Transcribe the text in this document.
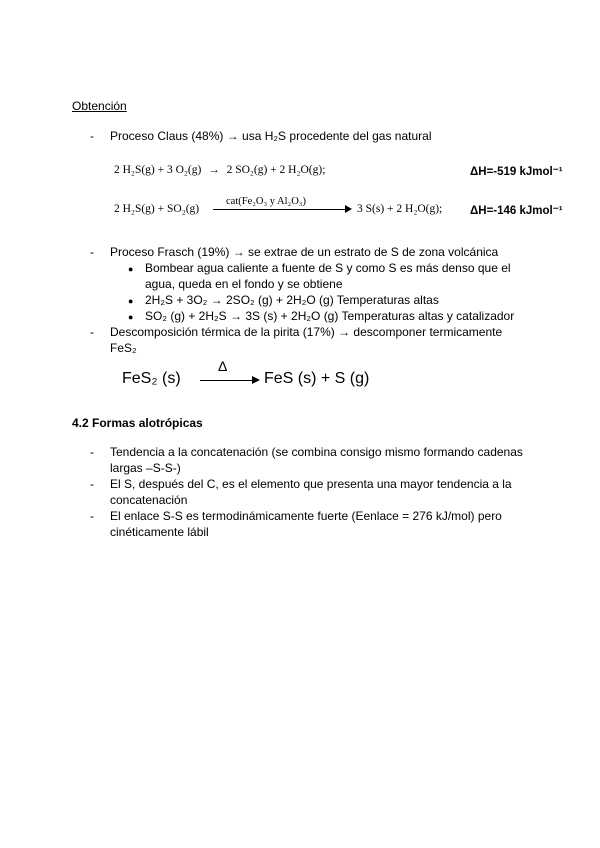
Obtención
- Proceso Claus (48%) → usa H₂S procedente del gas natural
2 H₂S(g) + 3 O₂(g) → 2 SO₂(g) + 2 H₂O(g);	ΔH=-519 kJmol⁻¹
2 H₂S(g) + SO₂(g)
cat(Fe₂O₃ y Al₂O₃)
3 S(s) + 2 H₂O(g); ΔH=-146 kJmol⁻¹
- Proceso Frasch (19%) → se extrae de un estrato de S de zona volcánica
● Bombear agua caliente a fuente de S y como S es más denso que el
agua, queda en el fondo y se obtiene
● 2H₂S + 3O₂ → 2SO₂ (g) + 2H₂O (g) Temperaturas altas
● SO₂ (g) + 2H₂S → 3S (s) + 2H₂O (g) Temperaturas altas y catalizador
- Descomposición térmica de la pirita (17%) → descomponer termicamente
FeS₂
FeS₂ (s)
Δ
FeS (s) + S (g)
4.2 Formas alotrópicas
- Tendencia a la concatenación (se combina consigo mismo formando cadenas
largas –S-S-)
- El S, después del C, es el elemento que presenta una mayor tendencia a la
concatenación
- El enlace S-S es termodinámicamente fuerte (Eenlace = 276 kJ/mol) pero
cinéticamente lábil
